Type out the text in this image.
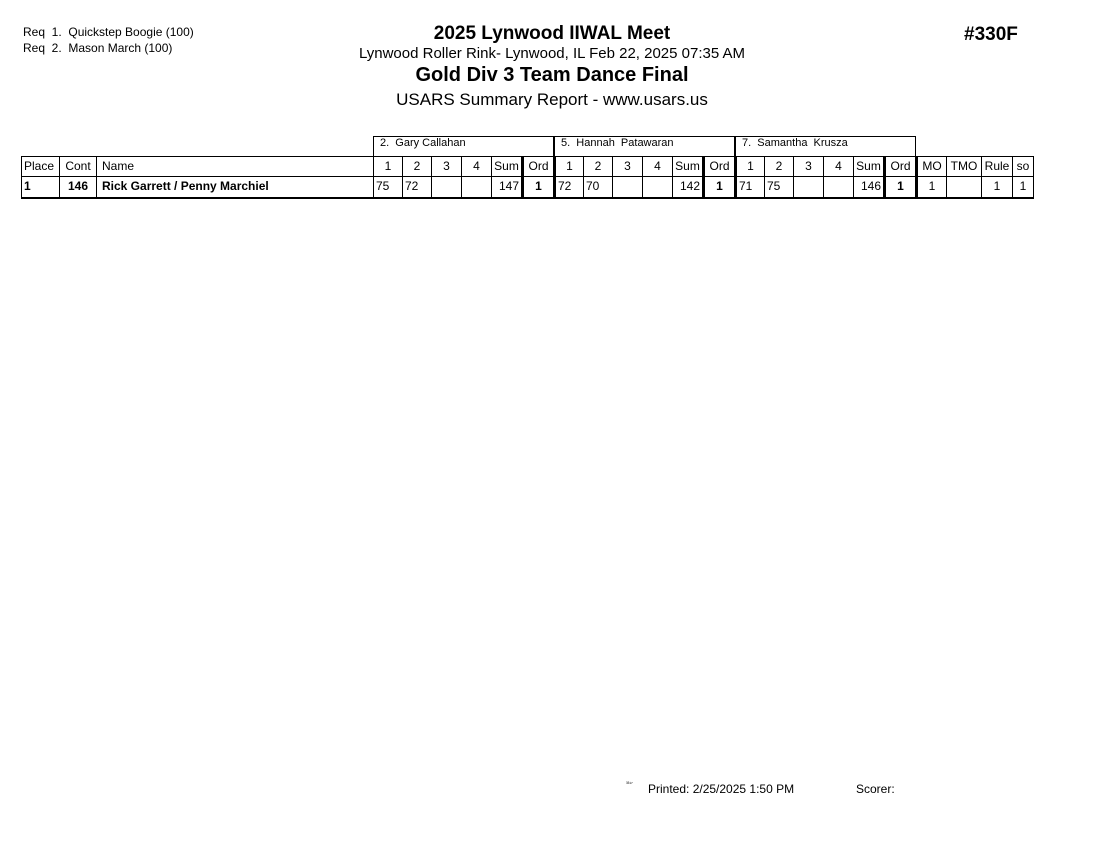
Req  1.  Quickstep Boogie (100)
Req  2.  Mason March (100)
2025 Lynwood IIWAL Meet
Lynwood Roller Rink- Lynwood, IL Feb 22, 2025 07:35 AM
Gold Div 3 Team Dance Final
USARS Summary Report - www.usars.us
#330F
2.  Gary Callahan	5.  Hannah  Patawaran	7.  Samantha  Krusza
Place	Cont	Name	1	2	3	4	Sum	Ord	1	2	3	4	Sum	Ord	1	2	3	4	Sum	Ord	MO	TMO	Rule	so
1	146	Rick Garrett / Penny Marchiel	75	72			147	1	72	70			142	1	71	75			146	1	1		1	1
³³¹⁷ Printed: 2/25/2025 1:50 PM	Scorer:
